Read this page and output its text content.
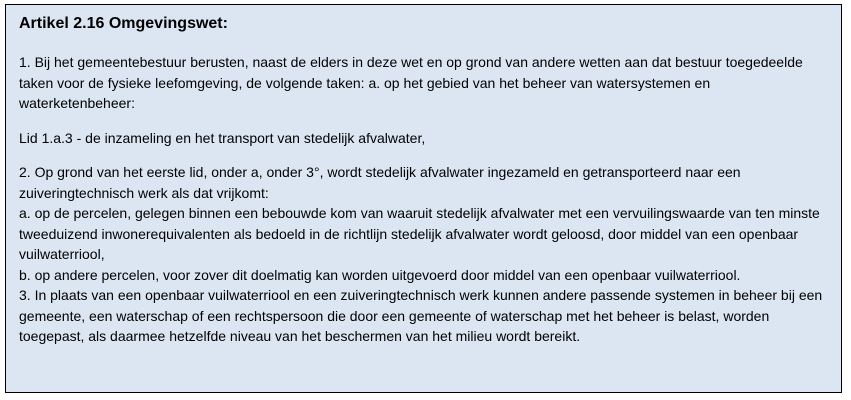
Artikel 2.16 Omgevingswet:

1. Bij het gemeentebestuur berusten, naast de elders in deze wet en op grond van andere wetten aan dat bestuur toegedeelde taken voor de fysieke leefomgeving, de volgende taken: a. op het gebied van het beheer van watersystemen en waterketenbeheer:

Lid 1.a.3 - de inzameling en het transport van stedelijk afvalwater,

2. Op grond van het eerste lid, onder a, onder 3°, wordt stedelijk afvalwater ingezameld en getransporteerd naar een zuiveringtechnisch werk als dat vrijkomt:

a. op de percelen, gelegen binnen een bebouwde kom van waaruit stedelijk afvalwater met een vervuilingswaarde van ten minste tweeduizend inwonerequivalenten als bedoeld in de richtlijn stedelijk afvalwater wordt geloosd, door middel van een openbaar vuilwaterriool,

b. op andere percelen, voor zover dit doelmatig kan worden uitgevoerd door middel van een openbaar vuilwaterriool.

3. In plaats van een openbaar vuilwaterriool en een zuiveringtechnisch werk kunnen andere passende systemen in beheer bij een gemeente, een waterschap of een rechtspersoon die door een gemeente of waterschap met het beheer is belast, worden toegepast, als daarmee hetzelfde niveau van het beschermen van het milieu wordt bereikt.
